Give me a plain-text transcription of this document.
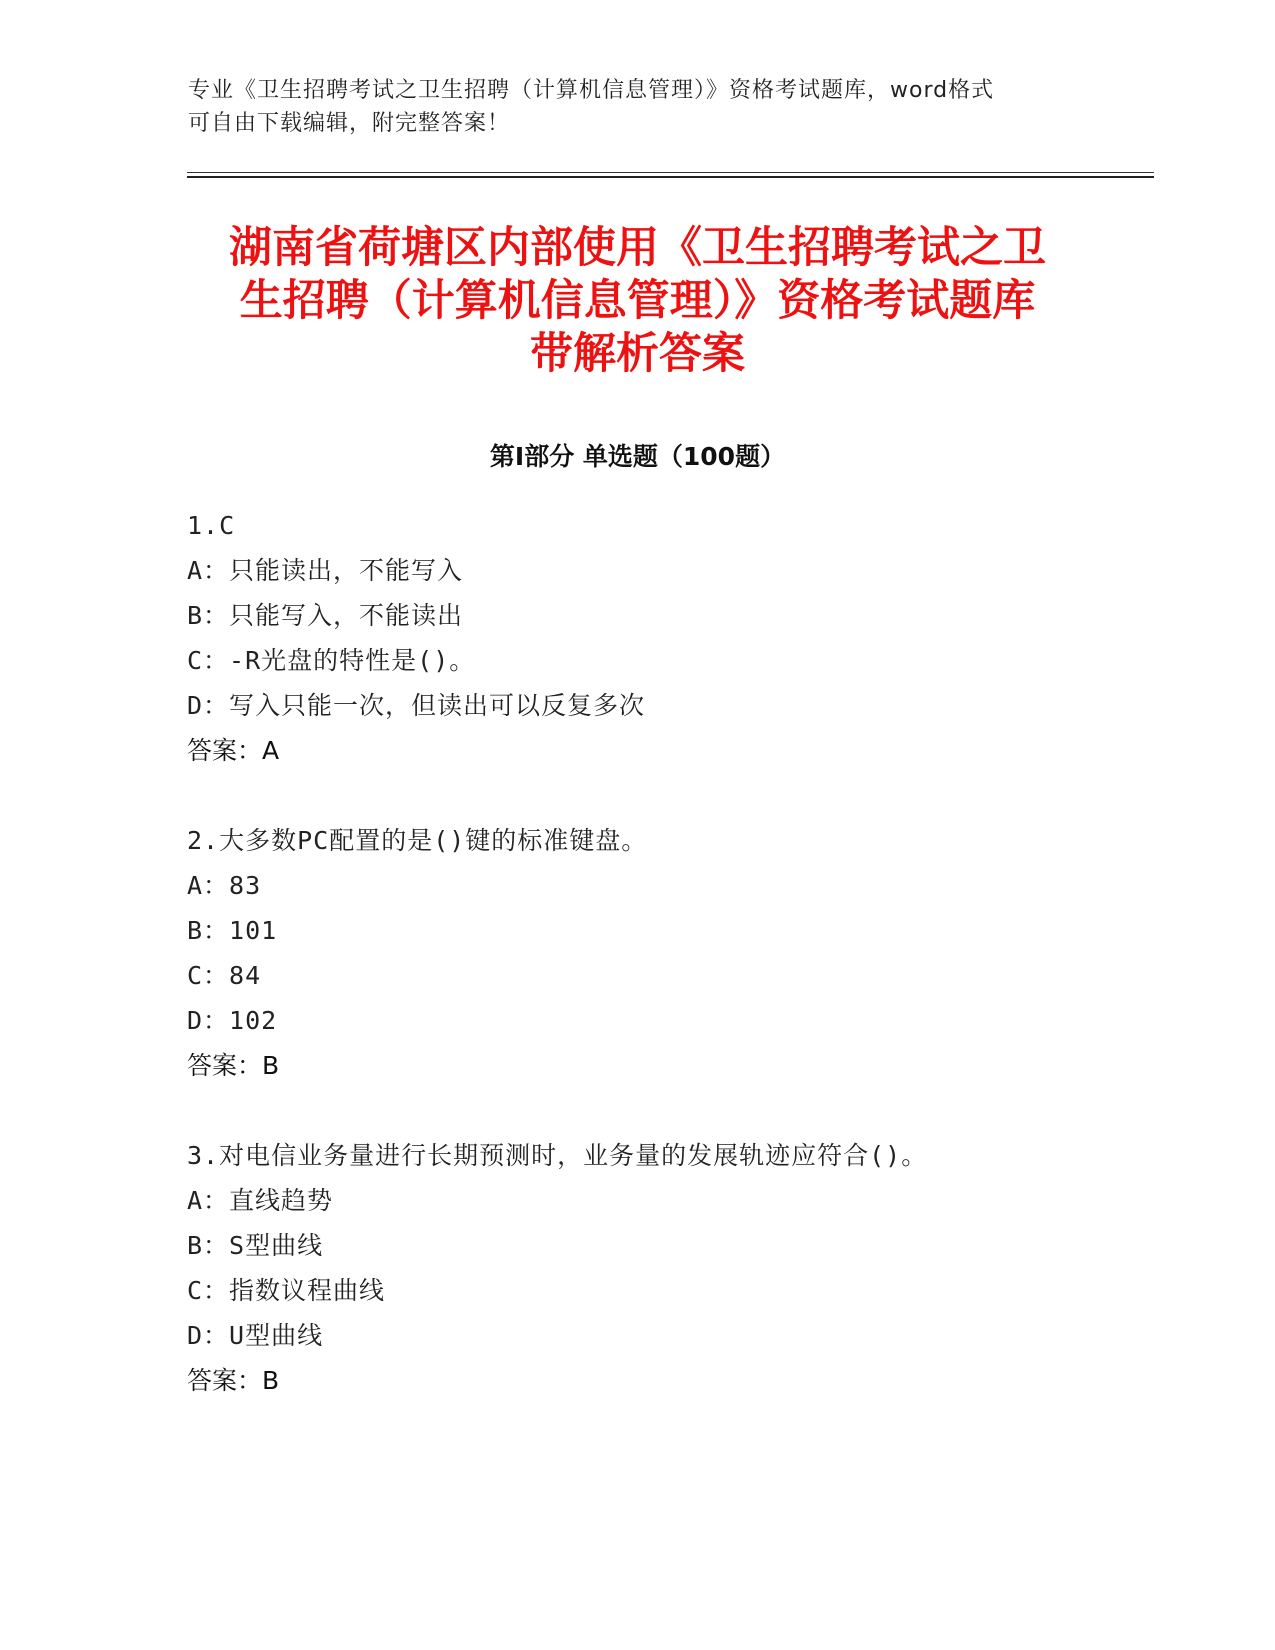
专业《卫生招聘考试之卫生招聘（计算机信息管理）》资格考试题库，word格式
可自由下载编辑，附完整答案！
湖南省荷塘区内部使用《卫生招聘考试之卫
生招聘（计算机信息管理）》资格考试题库
带解析答案
第Ⅰ部分 单选题（100题）
1.C
A：只能读出，不能写入
B：只能写入，不能读出
C：-R光盘的特性是()。
D：写入只能一次，但读出可以反复多次
答案：A
2.大多数PC配置的是()键的标准键盘。
A：83
B：101
C：84
D：102
答案：B
3.对电信业务量进行长期预测时，业务量的发展轨迹应符合()。
A：直线趋势
B：S型曲线
C：指数议程曲线
D：U型曲线
答案：B
